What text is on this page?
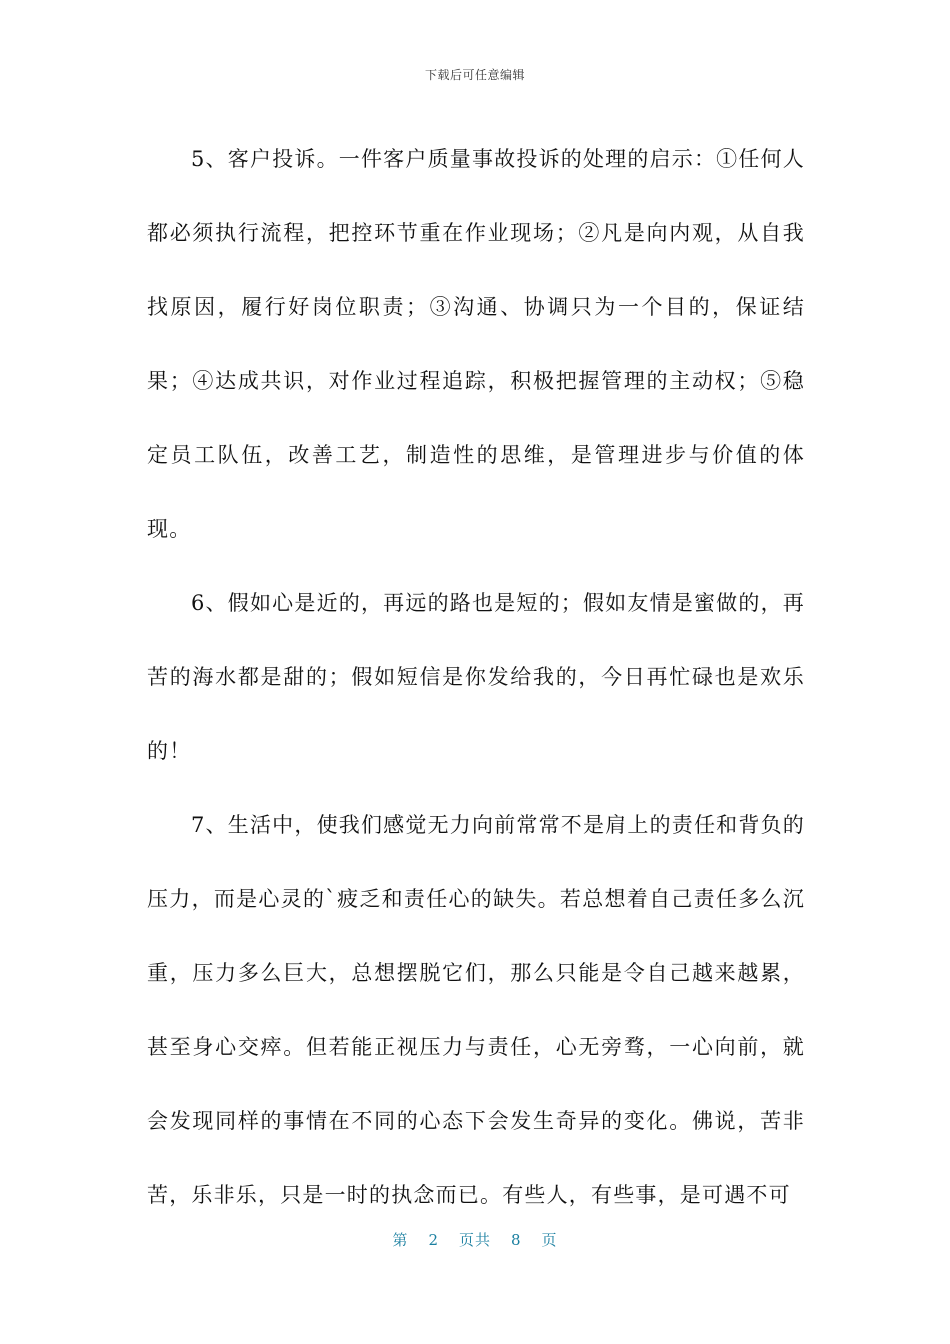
下载后可任意编辑

5、客户投诉。一件客户质量事故投诉的处理的启示：①任何人都必须执行流程，把控环节重在作业现场；②凡是向内观，从自我找原因，履行好岗位职责；③沟通、协调只为一个目的，保证结果；④达成共识，对作业过程追踪，积极把握管理的主动权；⑤稳定员工队伍，改善工艺，制造性的思维，是管理进步与价值的体现。

6、假如心是近的，再远的路也是短的；假如友情是蜜做的，再苦的海水都是甜的；假如短信是你发给我的，今日再忙碌也是欢乐的！

7、生活中，使我们感觉无力向前常常不是肩上的责任和背负的压力，而是心灵的`疲乏和责任心的缺失。若总想着自己责任多么沉重，压力多么巨大，总想摆脱它们，那么只能是令自己越来越累，甚至身心交瘁。但若能正视压力与责任，心无旁骛，一心向前，就会发现同样的事情在不同的心态下会发生奇异的变化。佛说，苦非苦，乐非乐，只是一时的执念而已。有些人，有些事，是可遇不可

第 2 页共 8 页
